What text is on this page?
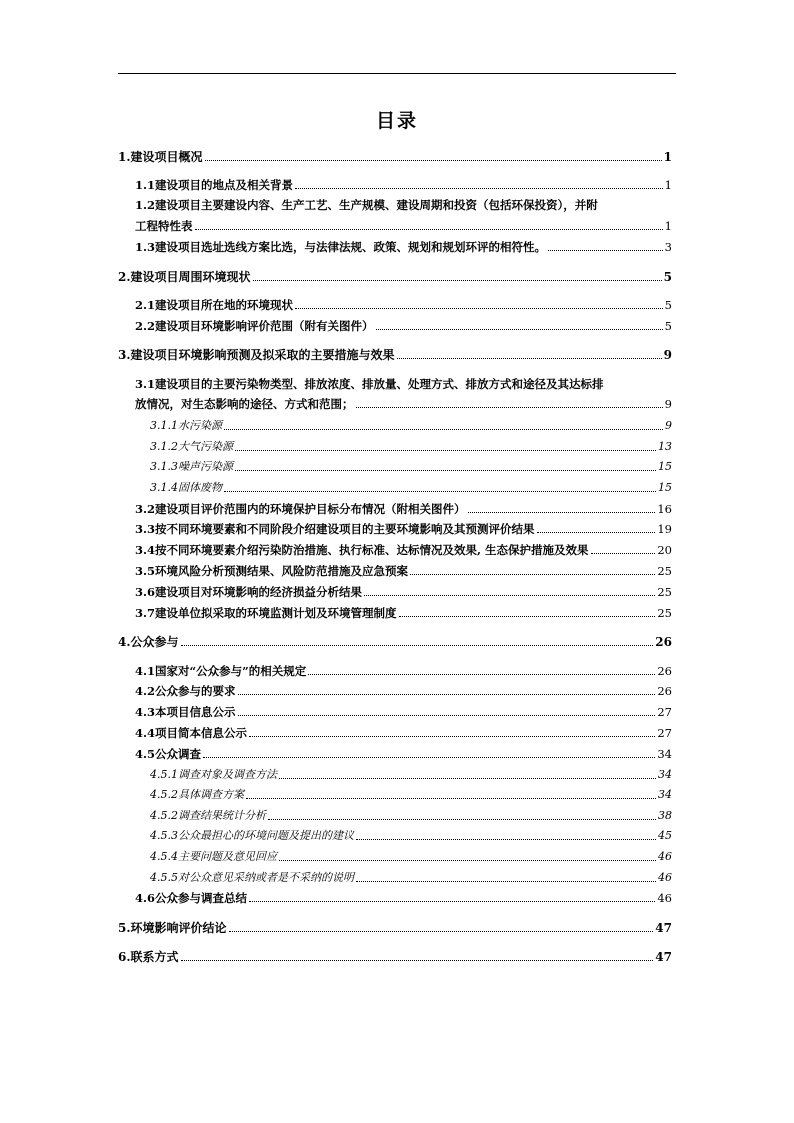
目录
1.建设项目概况	1
1.1建设项目的地点及相关背景	1
1.2建设项目主要建设内容、生产工艺、生产规模、建设周期和投资（包括环保投资），并附
工程特性表	1
1.3建设项目选址选线方案比选，与法律法规、政策、规划和规划环评的相符性。	3
2.建设项目周围环境现状	5
2.1建设项目所在地的环境现状	5
2.2建设项目环境影响评价范围（附有关图件）	5
3.建设项目环境影响预测及拟采取的主要措施与效果	9
3.1建设项目的主要污染物类型、排放浓度、排放量、处理方式、排放方式和途径及其达标排
放情况，对生态影响的途径、方式和范围；	9
3.1.1水污染源	9
3.1.2大气污染源	13
3.1.3噪声污染源	15
3.1.4固体废物	15
3.2建设项目评价范围内的环境保护目标分布情况（附相关图件）	16
3.3按不同环境要素和不同阶段介绍建设项目的主要环境影响及其预测评价结果	19
3.4按不同环境要素介绍污染防治措施、执行标准、达标情况及效果, 生态保护措施及效果	20
3.5环境风险分析预测结果、风险防范措施及应急预案	25
3.6建设项目对环境影响的经济损益分析结果	25
3.7建设单位拟采取的环境监测计划及环境管理制度	25
4.公众参与	26
4.1国家对“公众参与”的相关规定	26
4.2公众参与的要求	26
4.3本项目信息公示	27
4.4项目简本信息公示	27
4.5公众调查	34
4.5.1调查对象及调查方法	34
4.5.2具体调查方案	34
4.5.2调查结果统计分析	38
4.5.3公众最担心的环境问题及提出的建议	45
4.5.4主要问题及意见回应	46
4.5.5对公众意见采纳或者是不采纳的说明	46
4.6公众参与调查总结	46
5.环境影响评价结论	47
6.联系方式	47
